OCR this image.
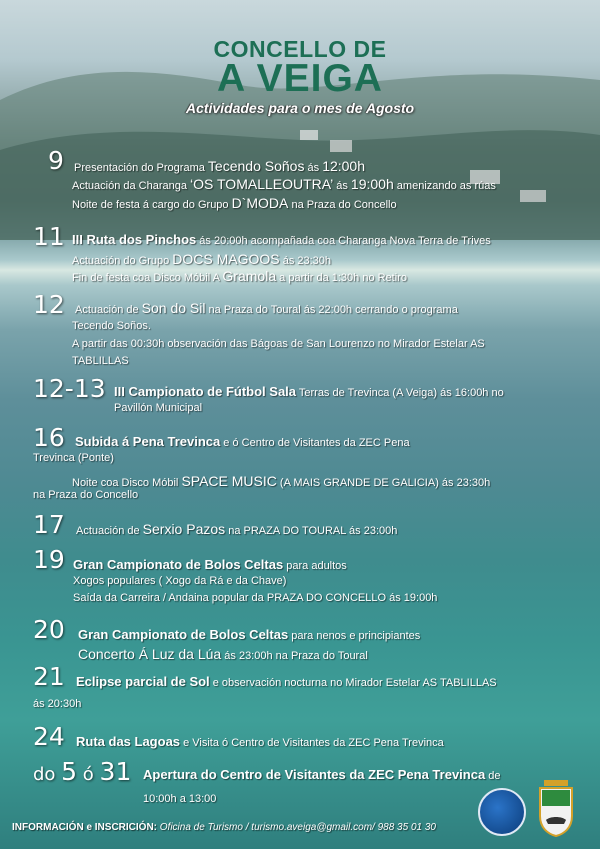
CONCELLO DE
A VEIGA
Actividades para o mes de Agosto
9 Presentación do Programa Tecendo Soños ás 12:00h
Actuación da Charanga ‘OS TOMALLEOUTRA’ ás 19:00h amenizando as rúas
Noite de festa á cargo do Grupo D`MODA na Praza do Concello
11 III Ruta dos Pinchos ás 20:00h acompañada coa Charanga Nova Terra de Trives
Actuación do Grupo DOCS MAGOOS ás 23:30h
Fin de festa coa Disco Móbil A Gramola a partir da 1:30h no Retiro
12 Actuación de Son do Sil na Praza do Toural ás 22:00h cerrando o programa
Tecendo Soños.
A partir das 00:30h observación das Bágoas de San Lourenzo no Mirador Estelar AS
TABLILLAS
12-13 III Campionato de Fútbol Sala Terras de Trevinca (A Veiga) ás 16:00h no
Pavillón Municipal
16 Subida á Pena Trevinca e ó Centro de Visitantes da ZEC Pena
Trevinca (Ponte)
Noite coa Disco Móbil SPACE MUSIC (A MAIS GRANDE DE GALICIA) ás 23:30h
na Praza do Concello
17 Actuación de Serxio Pazos na PRAZA DO TOURAL ás 23:00h
19 Gran Campionato de Bolos Celtas para adultos
Xogos populares ( Xogo da Rá e da Chave)
Saída da Carreira / Andaina popular da PRAZA DO CONCELLO ás 19:00h
20 Gran Campionato de Bolos Celtas para nenos e principiantes
Concerto Á Luz da Lúa ás 23:00h na Praza do Toural
21 Eclipse parcial de Sol e observación nocturna no Mirador Estelar AS TABLILLAS
ás 20:30h
24 Ruta das Lagoas e Visita ó Centro de Visitantes da ZEC Pena Trevinca
do 5 ó 31 Apertura do Centro de Visitantes da ZEC Pena Trevinca de
10:00h a 13:00
INFORMACIÓN e INSCRICIÓN: Oficina de Turismo / turismo.aveiga@gmail.com/ 988 35 01 30
